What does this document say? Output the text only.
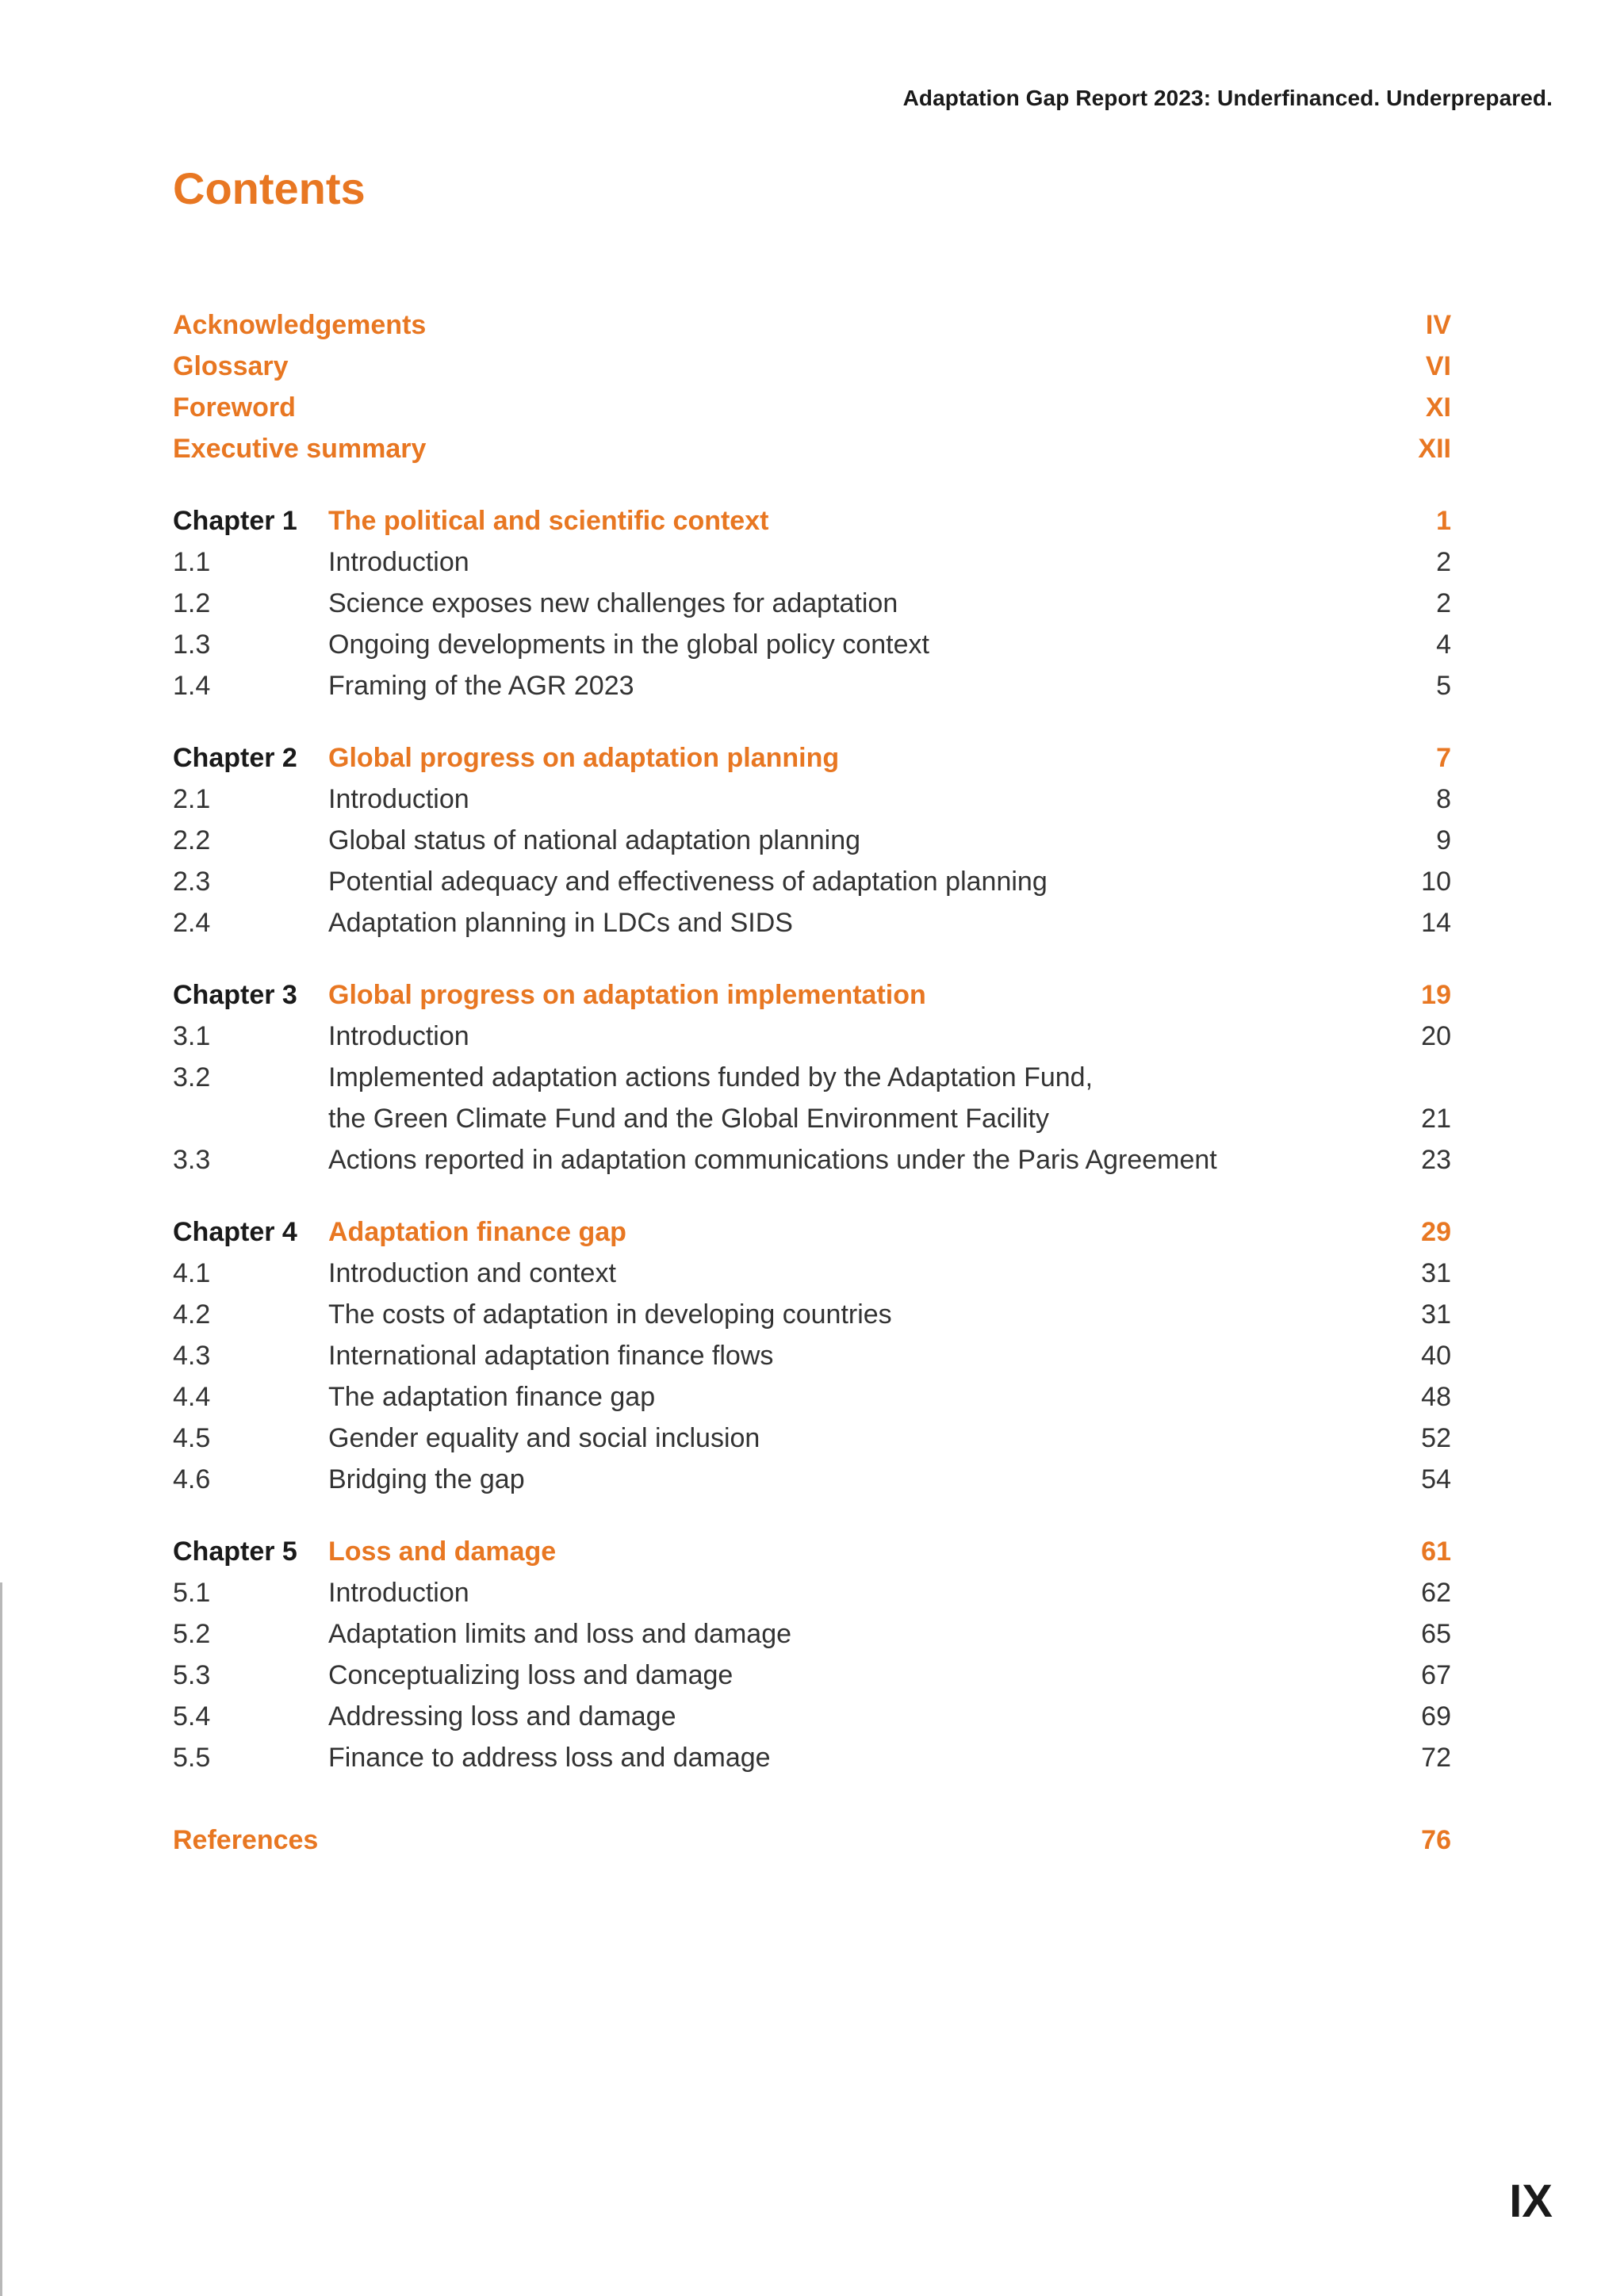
Adaptation Gap Report 2023: Underfinanced. Underprepared.
Contents
Acknowledgements	IV
Glossary	VI
Foreword	XI
Executive summary	XII
Chapter 1	The political and scientific context	1
1.1	Introduction	2
1.2	Science exposes new challenges for adaptation	2
1.3	Ongoing developments in the global policy context	4
1.4	Framing of the AGR 2023	5
Chapter 2	Global progress on adaptation planning	7
2.1	Introduction	8
2.2	Global status of national adaptation planning	9
2.3	Potential adequacy and effectiveness of adaptation planning	10
2.4	Adaptation planning in LDCs and SIDS	14
Chapter 3	Global progress on adaptation implementation	19
3.1	Introduction	20
3.2	Implemented adaptation actions funded by the Adaptation Fund,
the Green Climate Fund and the Global Environment Facility	21
3.3	Actions reported in adaptation communications under the Paris Agreement	23
Chapter 4	Adaptation finance gap	29
4.1	Introduction and context	31
4.2	The costs of adaptation in developing countries	31
4.3	International adaptation finance flows	40
4.4	The adaptation finance gap	48
4.5	Gender equality and social inclusion	52
4.6	Bridging the gap	54
Chapter 5	Loss and damage	61
5.1	Introduction	62
5.2	Adaptation limits and loss and damage	65
5.3	Conceptualizing loss and damage	67
5.4	Addressing loss and damage	69
5.5	Finance to address loss and damage	72
References	76
IX
